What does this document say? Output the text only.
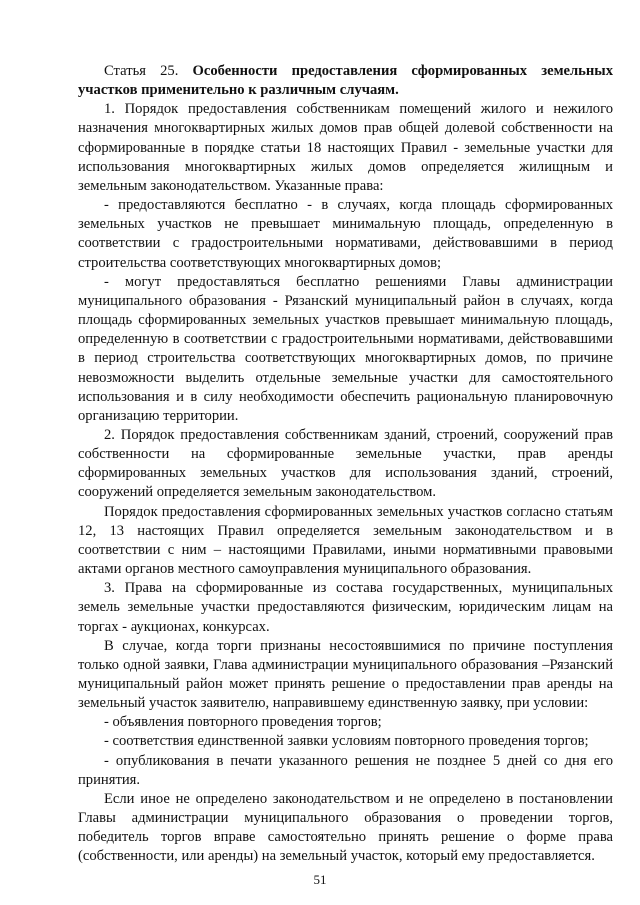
Статья 25. Особенности предоставления сформированных земельных участков применительно к различным случаям.

1. Порядок предоставления собственникам помещений жилого и нежилого назначения многоквартирных жилых домов прав общей долевой собственности на сформированные в порядке статьи 18 настоящих Правил - земельные участки для использования многоквартирных жилых домов определяется жилищным и земельным законодательством. Указанные права:

- предоставляются бесплатно - в случаях, когда площадь сформированных земельных участков не превышает минимальную площадь, определенную в соответствии с градостроительными нормативами, действовавшими в период строительства соответствующих многоквартирных домов;

- могут предоставляться бесплатно решениями Главы администрации муниципального образования - Рязанский муниципальный район в случаях, когда площадь сформированных земельных участков превышает минимальную площадь, определенную в соответствии с градостроительными нормативами, действовавшими в период строительства соответствующих многоквартирных домов, по причине невозможности выделить отдельные земельные участки для самостоятельного использования и в силу необходимости обеспечить рациональную планировочную организацию территории.

2. Порядок предоставления собственникам зданий, строений, сооружений прав собственности на сформированные земельные участки, прав аренды сформированных земельных участков для использования зданий, строений, сооружений определяется земельным законодательством.

Порядок предоставления сформированных земельных участков согласно статьям 12, 13 настоящих Правил определяется земельным законодательством и в соответствии с ним – настоящими Правилами, иными нормативными правовыми актами органов местного самоуправления муниципального образования.

3. Права на сформированные из состава государственных, муниципальных земель земельные участки предоставляются физическим, юридическим лицам на торгах - аукционах, конкурсах.

В случае, когда торги признаны несостоявшимися по причине поступления только одной заявки, Глава администрации муниципального образования –Рязанский муниципальный район может принять решение о предоставлении прав аренды на земельный участок заявителю, направившему единственную заявку, при условии:

- объявления повторного проведения торгов;

- соответствия единственной заявки условиям повторного проведения торгов;

- опубликования в печати указанного решения не позднее 5 дней со дня его принятия.

Если иное не определено законодательством и не определено в постановлении Главы администрации муниципального образования о проведении торгов, победитель торгов вправе самостоятельно принять решение о форме права (собственности, или аренды) на земельный участок, который ему предоставляется.

51
